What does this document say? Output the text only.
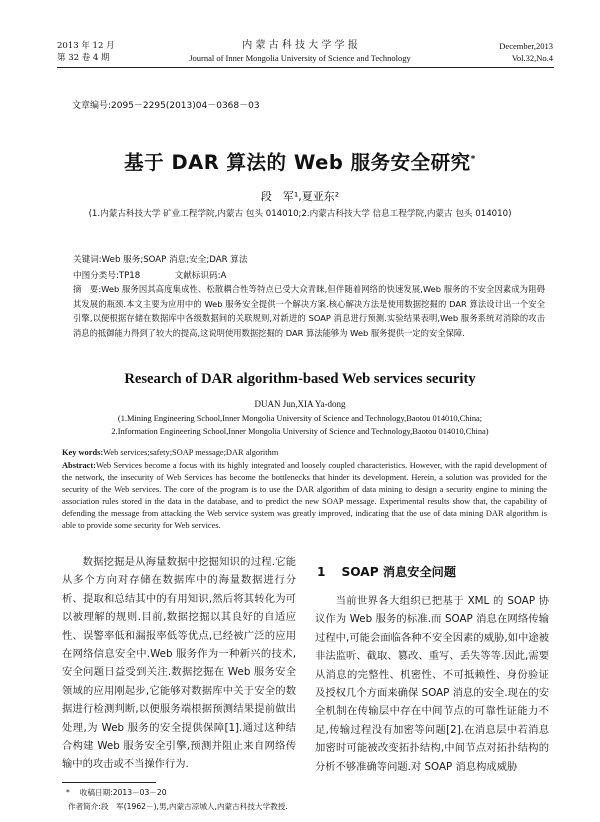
2013 年 12 月
第 32 卷 4 期
内 蒙 古 科 技 大 学 学 报
Journal of Inner Mongolia University of Science and Technology
December,2013
Vol.32,No.4
文章编号:2095－2295(2013)04－0368－03
基于 DAR 算法的 Web 服务安全研究*
段　军¹,夏亚东²
(1.内蒙古科技大学 矿业工程学院,内蒙古 包头 014010;2.内蒙古科技大学 信息工程学院,内蒙古 包头 014010)
关键词:Web 服务;SOAP 消息;安全;DAR 算法
中图分类号:TP18　　　　文献标识码:A
摘　要:Web 服务因其高度集成性、松散耦合性等特点已受大众青睐,但伴随着网络的快速发展,Web 服务的不安全因素成为阻碍其发展的瓶颈.本文主要为应用中的 Web 服务安全提供一个解决方案.核心解决方法是使用数据挖掘的 DAR 算法设计出一个安全引擎,以便根据存储在数据库中各级数据间的关联规则,对新进的 SOAP 消息进行预测.实验结果表明,Web 服务系统对消除的攻击消息的抵御能力得到了较大的提高,这说明使用数据挖掘的 DAR 算法能够为 Web 服务提供一定的安全保障.
Research of DAR algorithm-based Web services security
DUAN Jun,XIA Ya-dong
(1.Mining Engineering School,Inner Mongolia University of Science and Technology,Baotou 014010,China;
2.Information Engineering School,Inner Mongolia University of Science and Technology,Baotou 014010,China)
Key words:Web services;safety;SOAP message;DAR algorithm
Abstract:Web Services become a focus with its highly integrated and loosely coupled characteristics. However, with the rapid development of the network, the insecurity of Web Services has become the bottlenecks that hinder its development. Herein, a solution was provided for the security of the Web services. The core of the program is to use the DAR algorithm of data mining to design a security engine to mining the association rules stored in the data in the database, and to predict the new SOAP message. Experimental results show that, the capability of defending the message from attacking the Web service system was greatly improved, indicating that the use of data mining DAR algorithm is able to provide some security for Web services.
数据挖掘是从海量数据中挖掘知识的过程.它能从多个方向对存储在数据库中的海量数据进行分析、提取和总结其中的有用知识,然后将其转化为可以被理解的规则.目前,数据挖掘以其良好的自适应性、误警率低和漏报率低等优点,已经被广泛的应用在网络信息安全中.Web 服务作为一种新兴的技术,安全问题日益受到关注.数据挖掘在 Web 服务安全领域的应用刚起步,它能够对数据库中关于安全的数据进行检测判断,以便服务端根据预测结果提前做出处理,为 Web 服务的安全提供保障[1].通过这种结合构建 Web 服务安全引擎,预测并阻止来自网络传输中的攻击或不当操作行为.
1 SOAP 消息安全问题
当前世界各大组织已把基于 XML 的 SOAP 协议作为 Web 服务的标准.而 SOAP 消息在网络传输过程中,可能会面临各种不安全因素的威胁,如中途被非法监听、截取、篡改、重写、丢失等等.因此,需要从消息的完整性、机密性、不可抵赖性、身份验证及授权几个方面来确保 SOAP 消息的安全.现在的安全机制在传输层中存在中间节点的可靠性证能力不足,传输过程没有加密等问题[2].在消息层中若消息加密时可能被改变拓扑结构,中间节点对拓扑结构的分析不够准确等问题.对 SOAP 消息构成威胁
* 收稿日期:2013－03－20
作者简介:段　军(1962－),男,内蒙古凉城人,内蒙古科技大学教授.
